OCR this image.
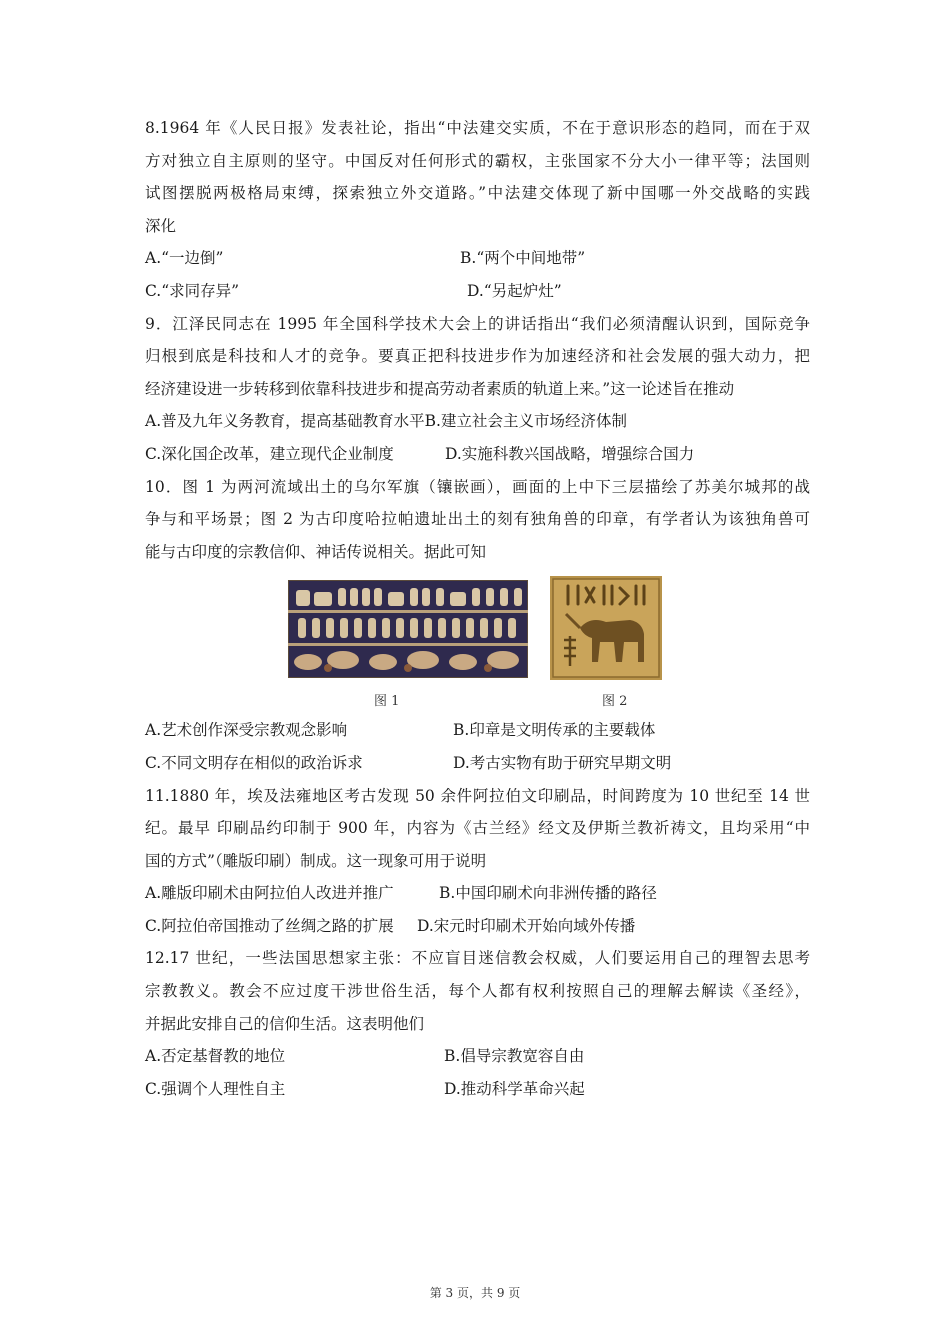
8.1964 年《人民日报》发表社论，指出“中法建交实质，不在于意识形态的趋同，而在于双
方对独立自主原则的坚守。中国反对任何形式的霸权，主张国家不分大小一律平等；法国则
试图摆脱两极格局束缚，探索独立外交道路。”中法建交体现了新中国哪一外交战略的实践
深化
A.“一边倒”	B.“两个中间地带”
C.“求同存异”	D.“另起炉灶”
9．江泽民同志在 1995 年全国科学技术大会上的讲话指出“我们必须清醒认识到，国际竞争
归根到底是科技和人才的竞争。要真正把科技进步作为加速经济和社会发展的强大动力，把
经济建设进一步转移到依靠科技进步和提高劳动者素质的轨道上来。”这一论述旨在推动
A.普及九年义务教育，提高基础教育水平 B.建立社会主义市场经济体制
C.深化国企改革，建立现代企业制度	D.实施科教兴国战略，增强综合国力
10．图 1 为两河流域出土的乌尔军旗（镶嵌画），画面的上中下三层描绘了苏美尔城邦的战
争与和平场景；图 2 为古印度哈拉帕遗址出土的刻有独角兽的印章，有学者认为该独角兽可
能与古印度的宗教信仰、神话传说相关。据此可知
图 1	图 2
A.艺术创作深受宗教观念影响	B.印章是文明传承的主要载体
C.不同文明存在相似的政治诉求	D.考古实物有助于研究早期文明
11.1880 年，埃及法雍地区考古发现 50 余件阿拉伯文印刷品，时间跨度为 10 世纪至 14 世
纪。最早 印刷品约印制于 900 年，内容为《古兰经》经文及伊斯兰教祈祷文，且均采用“中
国的方式”（雕版印刷）制成。这一现象可用于说明
A.雕版印刷术由阿拉伯人改进并推广	B.中国印刷术向非洲传播的路径
C.阿拉伯帝国推动了丝绸之路的扩展	D.宋元时印刷术开始向域外传播
12.17 世纪，一些法国思想家主张：不应盲目迷信教会权威，人们要运用自己的理智去思考
宗教教义。教会不应过度干涉世俗生活，每个人都有权利按照自己的理解去解读《圣经》，
并据此安排自己的信仰生活。这表明他们
A.否定基督教的地位	B.倡导宗教宽容自由
C.强调个人理性自主	D.推动科学革命兴起
第 3 页，共 9 页
